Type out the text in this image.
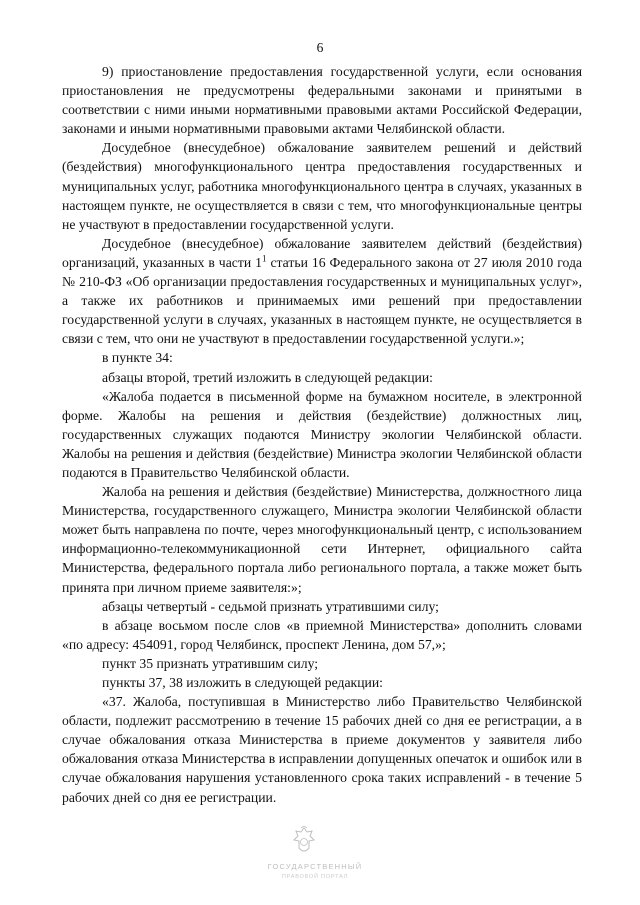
6

9) приостановление предоставления государственной услуги, если основания приостановления не предусмотрены федеральными законами и принятыми в соответствии с ними иными нормативными правовыми актами Российской Федерации, законами и иными нормативными правовыми актами Челябинской области.

Досудебное (внесудебное) обжалование заявителем решений и действий (бездействия) многофункционального центра предоставления государственных и муниципальных услуг, работника многофункционального центра в случаях, указанных в настоящем пункте, не осуществляется в связи с тем, что многофункциональные центры не участвуют в предоставлении государственной услуги.

Досудебное (внесудебное) обжалование заявителем действий (бездействия) организаций, указанных в части $1^1$ статьи 16 Федерального закона от 27 июля 2010 года № 210-ФЗ «Об организации предоставления государственных и муниципальных услуг», а также их работников и принимаемых ими решений при предоставлении государственной услуги в случаях, указанных в настоящем пункте, не осуществляется в связи с тем, что они не участвуют в предоставлении государственной услуги.»;

в пункте 34:

абзацы второй, третий изложить в следующей редакции:

«Жалоба подается в письменной форме на бумажном носителе, в электронной форме. Жалобы на решения и действия (бездействие) должностных лиц, государственных служащих подаются Министру экологии Челябинской области. Жалобы на решения и действия (бездействие) Министра экологии Челябинской области подаются в Правительство Челябинской области.

Жалоба на решения и действия (бездействие) Министерства, должностного лица Министерства, государственного служащего, Министра экологии Челябинской области может быть направлена по почте, через многофункциональный центр, с использованием информационно-телекоммуникационной сети Интернет, официального сайта Министерства, федерального портала либо регионального портала, а также может быть принята при личном приеме заявителя:»;

абзацы четвертый - седьмой признать утратившими силу;

в абзаце восьмом после слов «в приемной Министерства» дополнить словами «по адресу: 454091, город Челябинск, проспект Ленина, дом 57,»;

пункт 35 признать утратившим силу;

пункты 37, 38 изложить в следующей редакции:

«37. Жалоба, поступившая в Министерство либо Правительство Челябинской области, подлежит рассмотрению в течение 15 рабочих дней со дня ее регистрации, а в случае обжалования отказа Министерства в приеме документов у заявителя либо обжалования отказа Министерства в исправлении допущенных опечаток и ошибок или в случае обжалования нарушения установленного срока таких исправлений - в течение 5 рабочих дней со дня ее регистрации.

ГОСУДАРСТВЕННЫЙ
ПРАВОВОЙ ПОРТАЛ
